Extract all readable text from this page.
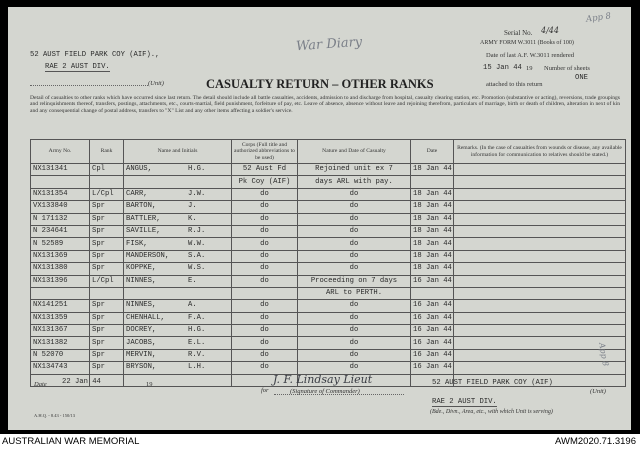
Serial No. 4/44
App 8
ARMY FORM W.3011 (Books of 100)
Date of last A.F. W.3011 rendered
15 Jan 44 19 Number of sheets
ONE
attached to this return
52 AUST FIELD PARK COY (AIF).,
RAE 2 AUST DIV.
(Unit)
War Diary
CASUALTY RETURN – OTHER RANKS
Detail of casualties to other ranks which have occurred since last return. The detail should include all battle casualties, accidents, admission to and discharge from hospital, casualty clearing station, etc. Promotion (substantive or acting), reversions, trade groupings and relinquishments thereof, transfers, postings, attachments, etc., courts-martial, field punishment, forfeiture of pay, etc. Leave of absence, absence without leave and rejoining therefrom, particulars of marriage, birth or death of children, alteration in next of kin and any consequential change of postal address, transfers to "X" List and any other items affecting a soldier's service.
Army No.	Rank	Name and Initials	Corps (Full title and authorized abbreviations to be used)	Nature and Date of Casualty	Date	Remarks. (In the case of casualties from wounds or disease, any available information for communication to relatives should be stated.)
NX131341	Cpl	ANGUS, H.G.	52 Aust Fd	Rejoined unit ex 7	18 Jan 44	
			Pk Coy (AIF)	days ARL with pay.		
NX131354	L/Cpl	CARR, J.W.	do	do	18 Jan 44	
VX133840	Spr	BARTON, J.	do	do	18 Jan 44	
N 171132	Spr	BATTLER, K.	do	do	18 Jan 44	
N 234641	Spr	SAVILLE, R.J.	do	do	18 Jan 44	
N 52589	Spr	FISK, W.W.	do	do	18 Jan 44	
NX131369	Spr	MANDERSON, S.A.	do	do	18 Jan 44	
NX131380	Spr	KOPPKE, W.S.	do	do	18 Jan 44	
NX131396	L/Cpl	NINNES, E.	do	Proceeding on 7 days	16 Jan 44	
				ARL to PERTH.		
NX141251	Spr	NINNES, A.	do	do	16 Jan 44	
NX131359	Spr	CHENHALL, F.A.	do	do	16 Jan 44	
NX131367	Spr	DOCREY, H.G.	do	do	16 Jan 44	
NX131382	Spr	JACOBS, E.L.	do	do	16 Jan 44	
N 52070	Spr	MERVIN, R.V.	do	do	16 Jan 44	
NX134743	Spr	BRYSON, L.H.	do	do	16 Jan 44	

App 8
Date 22 Jan 44	19	J. F. Lindsay Lieut
for	(Signature of Commander)
52 AUST FIELD PARK COY (AIF)
(Unit)
RAE 2 AUST DIV.
(Bde., Divn., Area, etc., with which Unit is serving)
A.H.Q. - 8.43 - 150/13
AUSTRALIAN WAR MEMORIAL	AWM2020.71.3196
